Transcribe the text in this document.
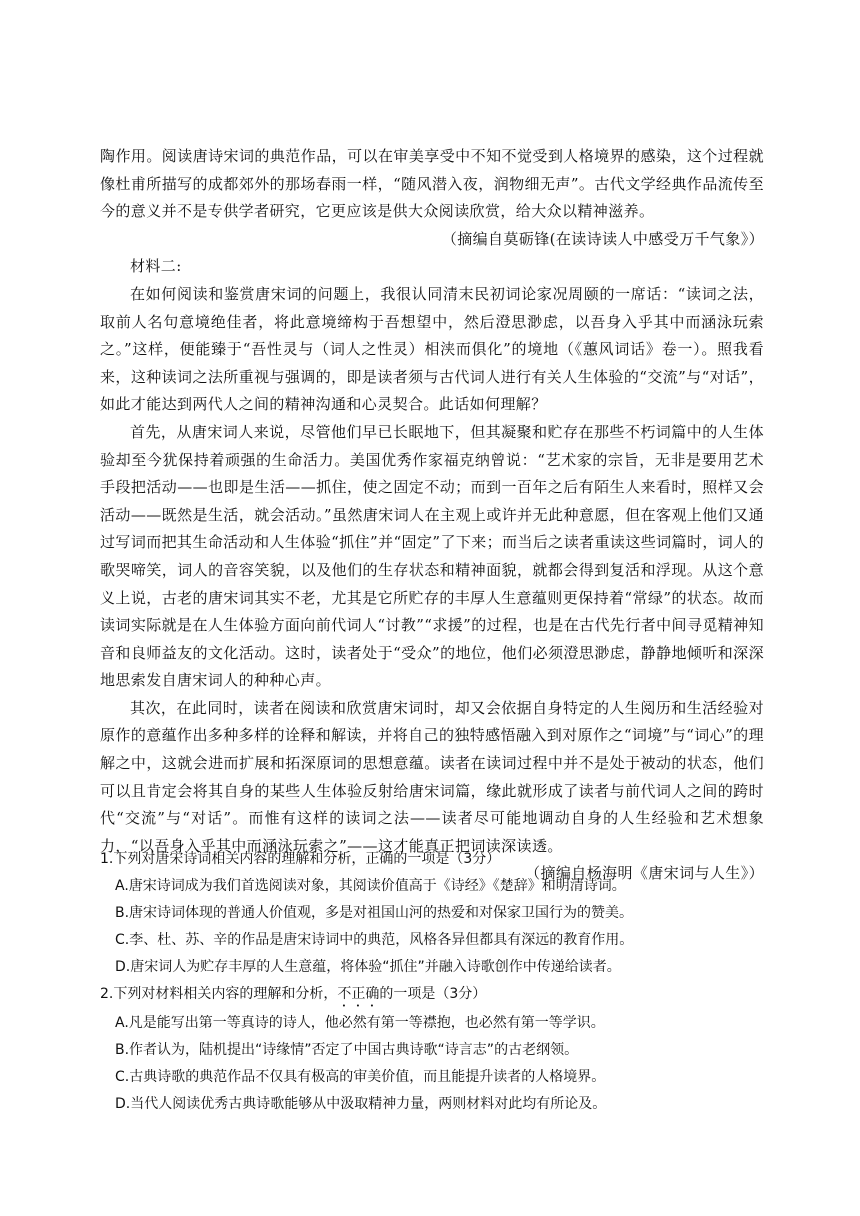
陶作用。阅读唐诗宋词的典范作品，可以在审美享受中不知不觉受到人格境界的感染，这个过程就像杜甫所描写的成都郊外的那场春雨一样，“随风潜入夜，润物细无声”。古代文学经典作品流传至今的意义并不是专供学者研究，它更应该是供大众阅读欣赏，给大众以精神滋养。

（摘编自莫砺锋(在读诗读人中感受万千气象》）

材料二:

在如何阅读和鉴赏唐宋词的问题上，我很认同清末民初词论家况周颐的一席话：“读词之法，取前人名句意境绝佳者，将此意境缔构于吾想望中，然后澄思渺虑，以吾身入乎其中而涵泳玩索之。”这样，便能臻于“吾性灵与（词人之性灵）相浃而俱化”的境地（《蕙风词话》卷一）。照我看来，这种读词之法所重视与强调的，即是读者须与古代词人进行有关人生体验的“交流”与“对话”，如此才能达到两代人之间的精神沟通和心灵契合。此话如何理解？

首先，从唐宋词人来说，尽管他们早已长眠地下，但其凝聚和贮存在那些不朽词篇中的人生体验却至今犹保持着顽强的生命活力。美国优秀作家福克纳曾说：“艺术家的宗旨，无非是要用艺术手段把活动——也即是生活——抓住，使之固定不动；而到一百年之后有陌生人来看时，照样又会活动——既然是生活，就会活动。”虽然唐宋词人在主观上或许并无此种意愿，但在客观上他们又通过写词而把其生命活动和人生体验“抓住”并“固定”了下来；而当后之读者重读这些词篇时，词人的歌哭啼笑，词人的音容笑貌，以及他们的生存状态和精神面貌，就都会得到复活和浮现。从这个意义上说，古老的唐宋词其实不老，尤其是它所贮存的丰厚人生意蕴则更保持着“常绿”的状态。故而读词实际就是在人生体验方面向前代词人“讨教”“求援”的过程，也是在古代先行者中间寻觅精神知音和良师益友的文化活动。这时，读者处于“受众”的地位，他们必须澄思渺虑，静静地倾听和深深地思索发自唐宋词人的种种心声。

其次，在此同时，读者在阅读和欣赏唐宋词时，却又会依据自身特定的人生阅历和生活经验对原作的意蕴作出多种多样的诠释和解读，并将自己的独特感悟融入到对原作之“词境”与“词心”的理解之中，这就会进而扩展和拓深原词的思想意蕴。读者在读词过程中并不是处于被动的状态，他们可以且肯定会将其自身的某些人生体验反射给唐宋词篇，缘此就形成了读者与前代词人之间的跨时代“交流”与“对话”。而惟有这样的读词之法——读者尽可能地调动自身的人生经验和艺术想象力，“以吾身入乎其中而涵泳玩索之”——这才能真正把词读深读透。

（摘编自杨海明《唐宋词与人生》）

1.下列对唐宋诗词相关内容的理解和分析，正确的一项是（3分）

A.唐宋诗词成为我们首选阅读对象，其阅读价值高于《诗经》《楚辞》和明清诗词。

B.唐宋诗词体现的普通人价值观，多是对祖国山河的热爱和对保家卫国行为的赞美。

C.李、杜、苏、辛的作品是唐宋诗词中的典范，风格各异但都具有深远的教育作用。

D.唐宋词人为贮存丰厚的人生意蕴，将体验“抓住”并融入诗歌创作中传递给读者。

2.下列对材料相关内容的理解和分析，不正确的一项是（3分）

A.凡是能写出第一等真诗的诗人，他必然有第一等襟抱，也必然有第一等学识。

B.作者认为，陆机提出“诗缘情”否定了中国古典诗歌“诗言志”的古老纲领。

C.古典诗歌的典范作品不仅具有极高的审美价值，而且能提升读者的人格境界。

D.当代人阅读优秀古典诗歌能够从中汲取精神力量，两则材料对此均有所论及。
